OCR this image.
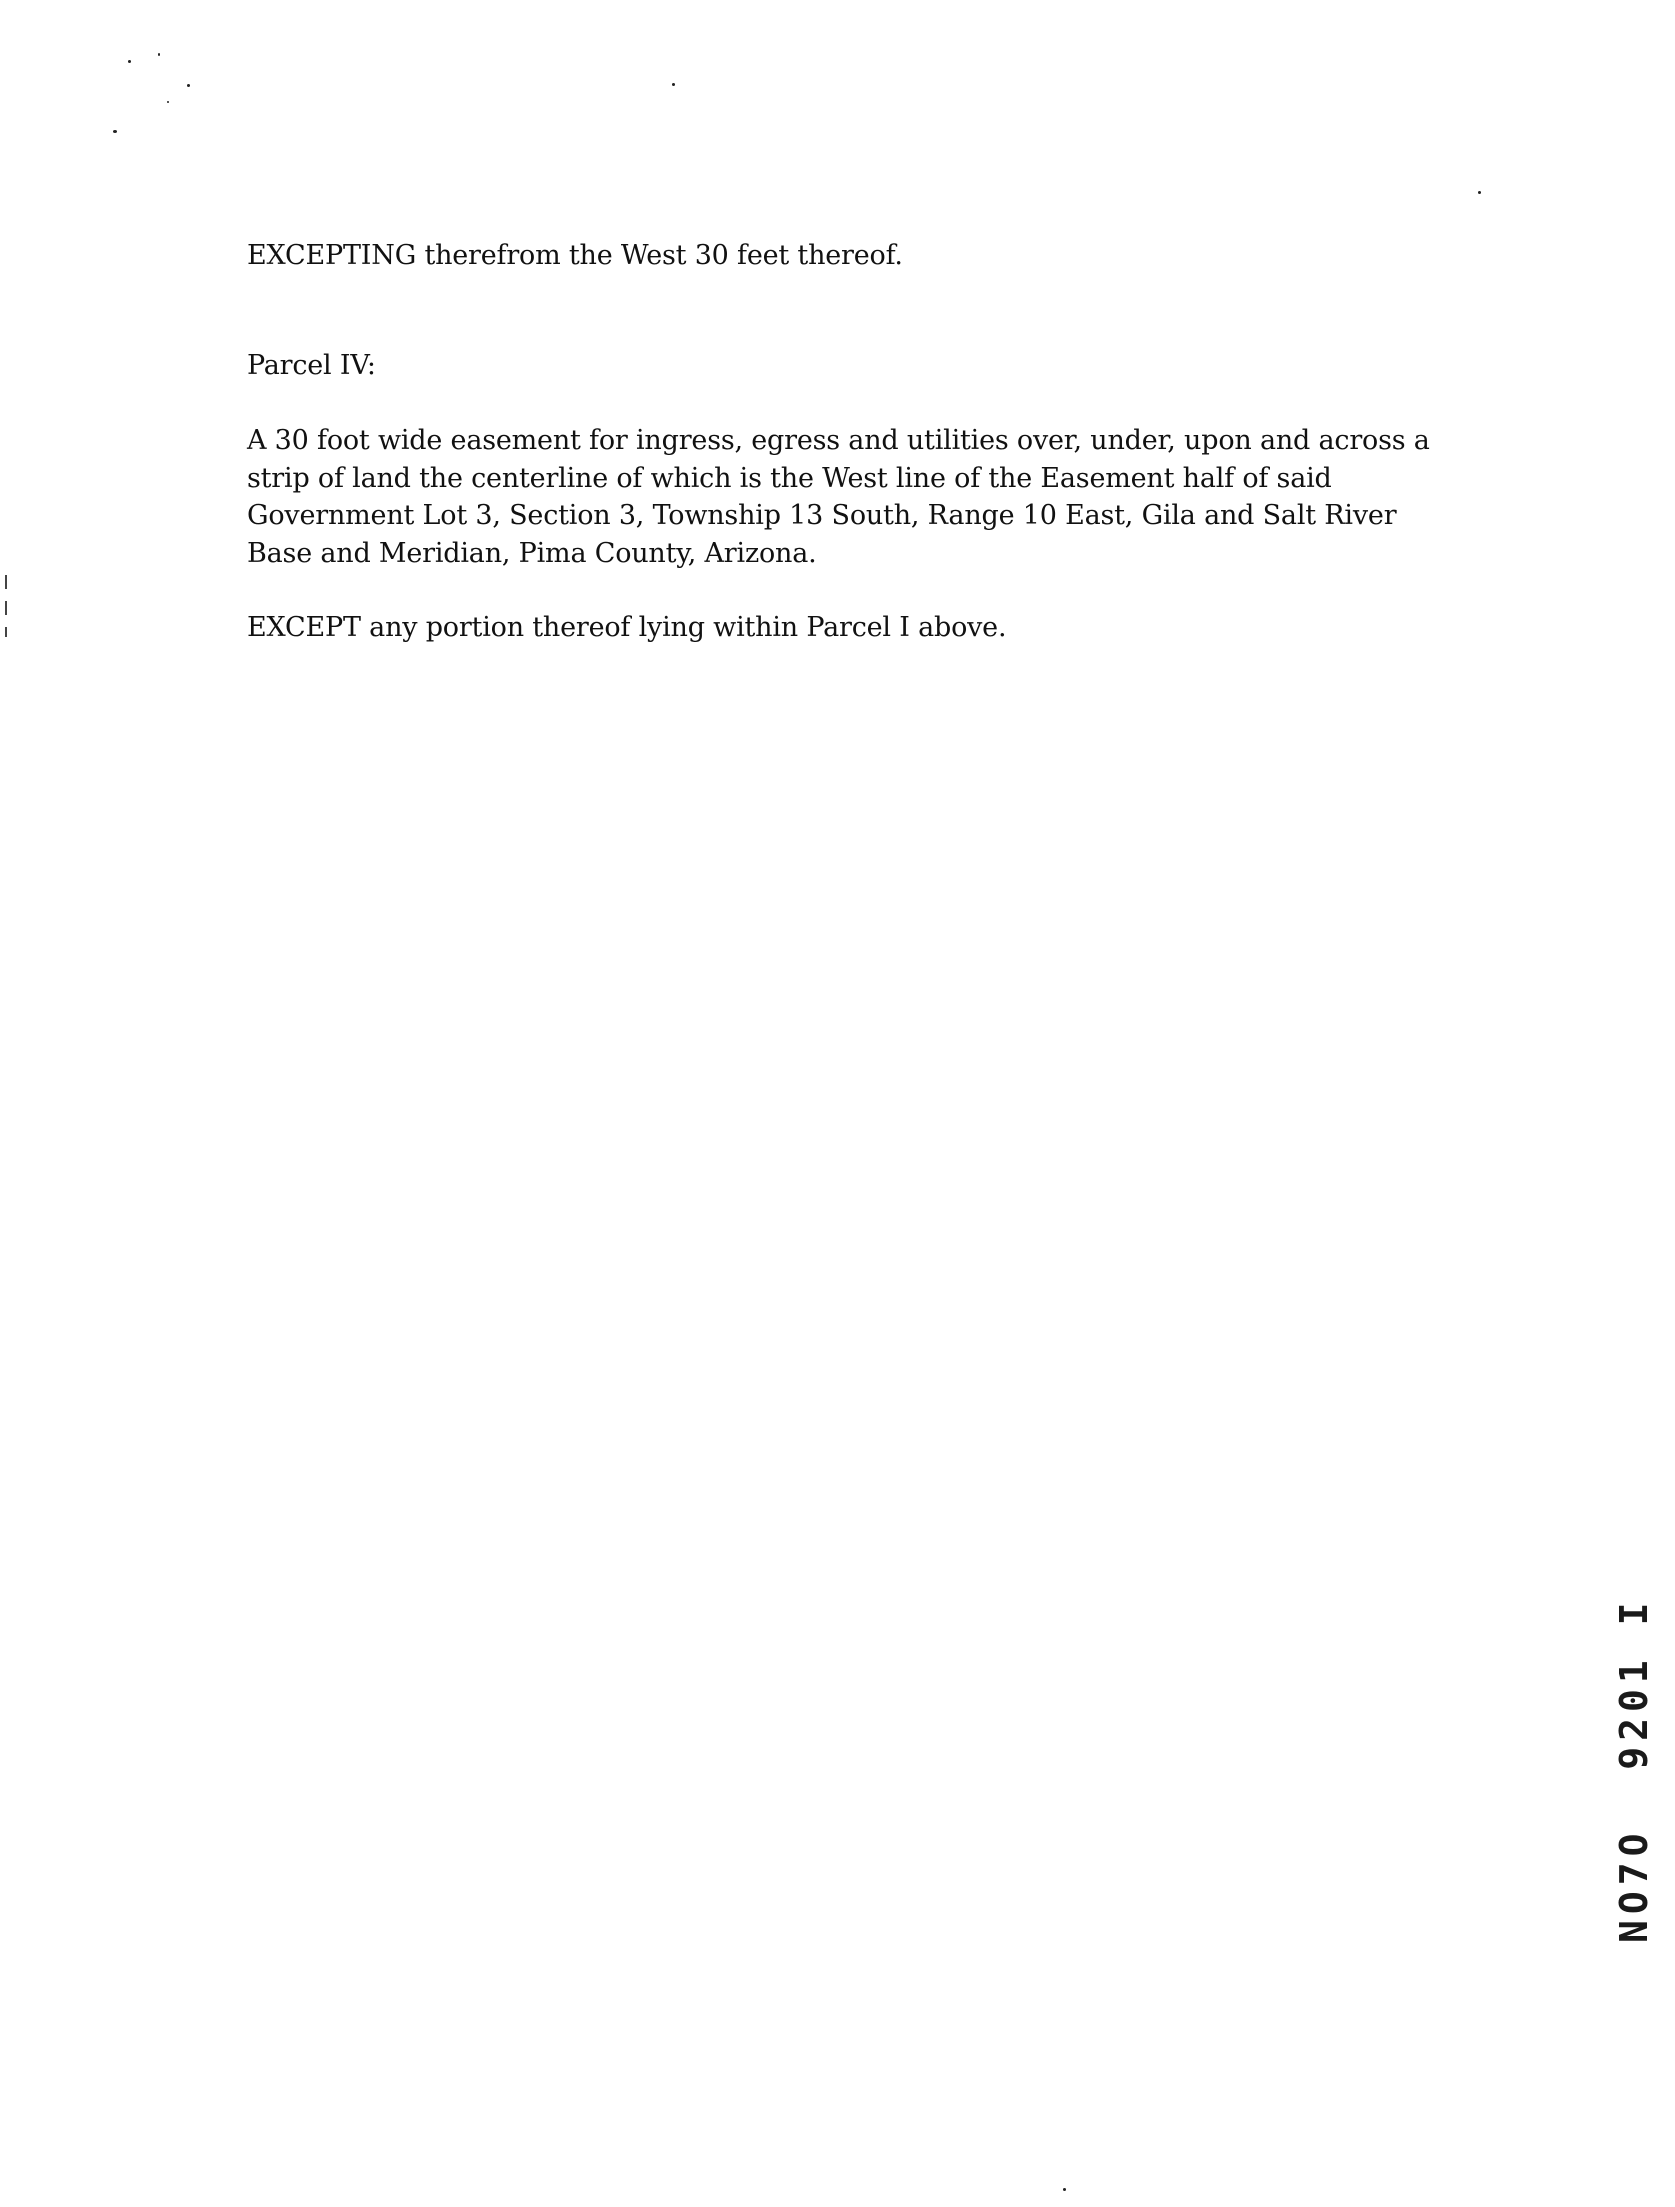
EXCEPTING therefrom the West 30 feet thereof.

Parcel IV:

A 30 foot wide easement for ingress, egress and utilities over, under, upon and across a
strip of land the centerline of which is the West line of the Easement half of said
Government Lot 3, Section 3, Township 13 South, Range 10 East, Gila and Salt River
Base and Meridian, Pima County, Arizona.

EXCEPT any portion thereof lying within Parcel I above.

NO7O  9201 I
